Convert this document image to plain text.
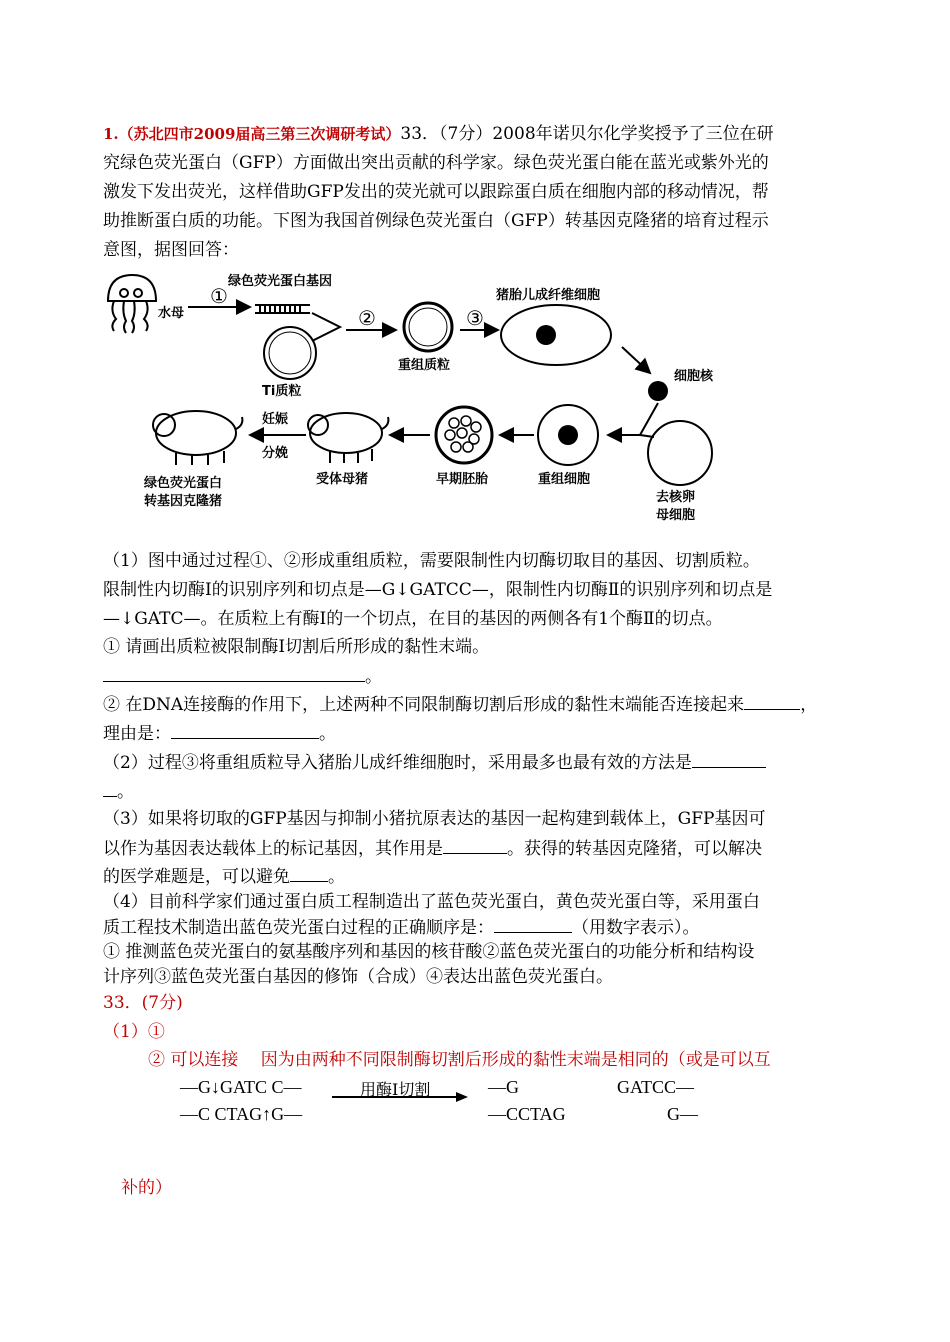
1.（苏北四市2009届高三第三次调研考试）33．（7分）2008年诺贝尔化学奖授予了三位在研
究绿色荧光蛋白（GFP）方面做出突出贡献的科学家。绿色荧光蛋白能在蓝光或紫外光的
激发下发出荧光，这样借助GFP发出的荧光就可以跟踪蛋白质在细胞内部的移动情况，帮
助推断蛋白质的功能。下图为我国首例绿色荧光蛋白（GFP）转基因克隆猪的培育过程示
意图，据图回答：
水母
①
绿色荧光蛋白基因
Ti质粒
②
重组质粒
③
猪胎儿成纤维细胞
细胞核
去核卵
母细胞
重组细胞
早期胚胎
受体母猪
妊娠
分娩
绿色荧光蛋白
转基因克隆猪
（1）图中通过过程①、②形成重组质粒，需要限制性内切酶切取目的基因、切割质粒。
限制性内切酶Ⅰ的识别序列和切点是—G↓GATCC—，限制性内切酶Ⅱ的识别序列和切点是
—↓GATC—。在质粒上有酶Ⅰ的一个切点，在目的基因的两侧各有1个酶Ⅱ的切点。
① 请画出质粒被限制酶Ⅰ切割后所形成的黏性末端。
。
② 在DNA连接酶的作用下，上述两种不同限制酶切割后形成的黏性末端能否连接起来	，
理由是：	。
（2）过程③将重组质粒导入猪胎儿成纤维细胞时，采用最多也最有效的方法是
。
（3）如果将切取的GFP基因与抑制小猪抗原表达的基因一起构建到载体上，GFP基因可
以作为基因表达载体上的标记基因，其作用是	。获得的转基因克隆猪，可以解决
的医学难题是，可以避免 。
（4）目前科学家们通过蛋白质工程制造出了蓝色荧光蛋白，黄色荧光蛋白等，采用蛋白
质工程技术制造出蓝色荧光蛋白过程的正确顺序是：	（用数字表示）。
① 推测蓝色荧光蛋白的氨基酸序列和基因的核苷酸②蓝色荧光蛋白的功能分析和结构设
计序列③蓝色荧光蛋白基因的修饰（合成）④表达出蓝色荧光蛋白。
33．(7分)
（1）①
② 可以连接　 因为由两种不同限制酶切割后形成的黏性末端是相同的（或是可以互
—G↓GATC C—
—C CTAG↑G—
用酶Ⅰ切割	—G	GATCC—
—CCTAG	G—
补的）
